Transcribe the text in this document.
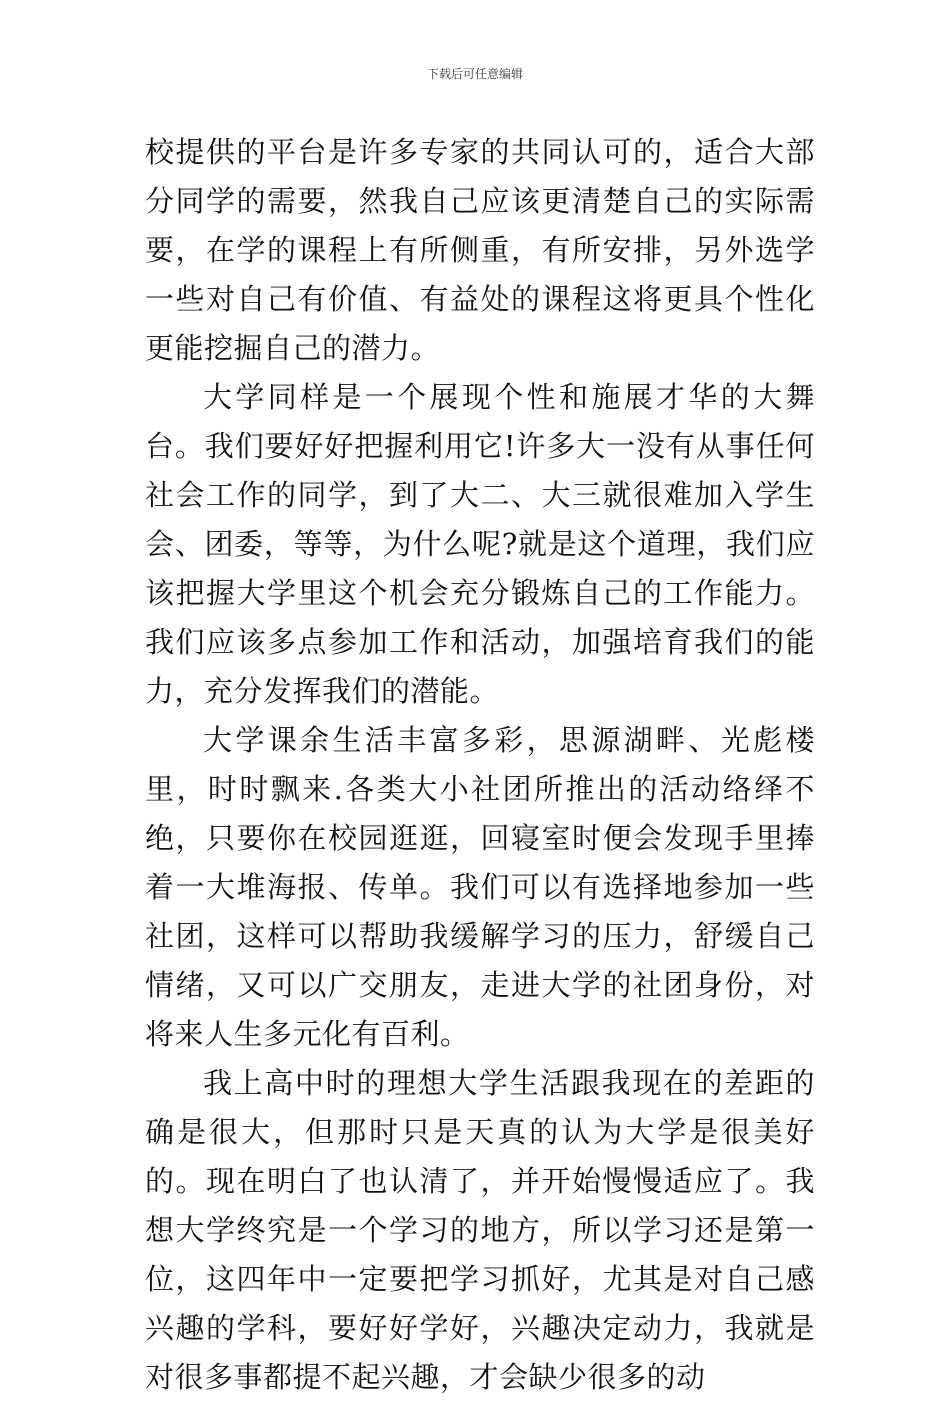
下载后可任意编辑

校提供的平台是许多专家的共同认可的，适合大部分同学的需要，然我自己应该更清楚自己的实际需要，在学的课程上有所侧重，有所安排，另外选学一些对自己有价值、有益处的课程这将更具个性化更能挖掘自己的潜力。

大学同样是一个展现个性和施展才华的大舞台。我们要好好把握利用它!许多大一没有从事任何社会工作的同学，到了大二、大三就很难加入学生会、团委，等等，为什么呢?就是这个道理，我们应该把握大学里这个机会充分锻炼自己的工作能力。我们应该多点参加工作和活动，加强培育我们的能力，充分发挥我们的潜能。

大学课余生活丰富多彩，思源湖畔、光彪楼里，时时飘来.各类大小社团所推出的活动络绎不绝，只要你在校园逛逛，回寝室时便会发现手里捧着一大堆海报、传单。我们可以有选择地参加一些社团，这样可以帮助我缓解学习的压力，舒缓自己情绪，又可以广交朋友，走进大学的社团身份，对将来人生多元化有百利。

我上高中时的理想大学生活跟我现在的差距的确是很大，但那时只是天真的认为大学是很美好的。现在明白了也认清了，并开始慢慢适应了。我想大学终究是一个学习的地方，所以学习还是第一位，这四年中一定要把学习抓好，尤其是对自己感兴趣的学科，要好好学好，兴趣决定动力，我就是对很多事都提不起兴趣，才会缺少很多的动
